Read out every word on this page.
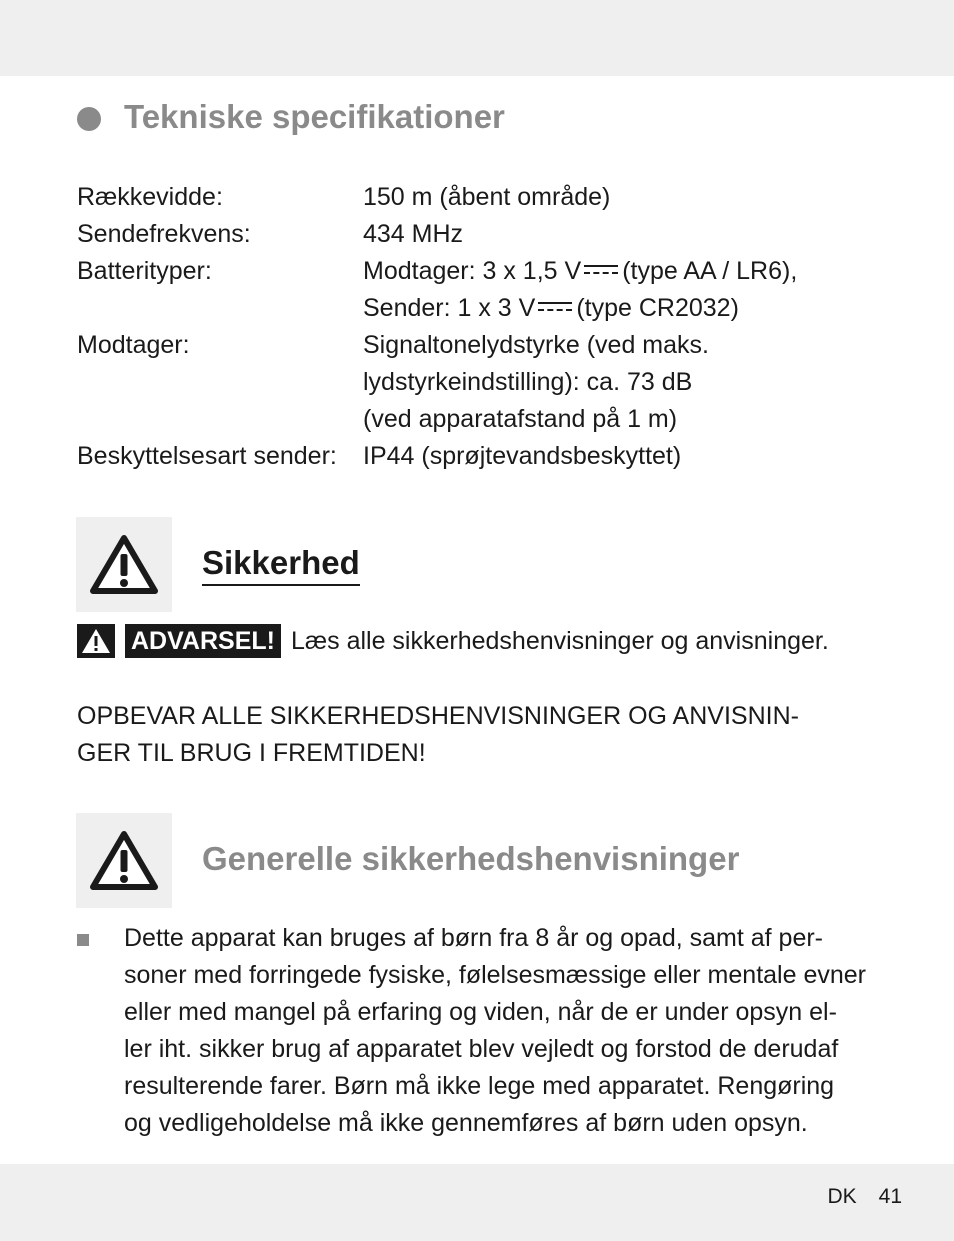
Tekniske specifikationer
Rækkevidde:	150 m (åbent område)
Sendefrekvens:	434 MHz
Batterityper:	Modtager: 3 x 1,5 V (type AA / LR6),
Sender: 1 x 3 V (type CR2032)
Modtager:	Signaltonelydstyrke (ved maks.
lydstyrkeindstilling): ca. 73 dB
(ved apparatafstand på 1 m)
Beskyttelsesart sender:	IP44 (sprøjtevandsbeskyttet)
Sikkerhed
ADVARSEL! Læs alle sikkerhedshenvisninger og anvisninger.
OPBEVAR ALLE SIKKERHEDSHENVISNINGER OG ANVISNIN-
GER TIL BRUG I FREMTIDEN!
Generelle sikkerhedshenvisninger
Dette apparat kan bruges af børn fra 8 år og opad, samt af per-
soner med forringede fysiske, følelsesmæssige eller mentale evner
eller med mangel på erfaring og viden, når de er under opsyn el-
ler iht. sikker brug af apparatet blev vejledt og forstod de derudaf
resulterende farer. Børn må ikke lege med apparatet. Rengøring
og vedligeholdelse må ikke gennemføres af børn uden opsyn.
DK 41
